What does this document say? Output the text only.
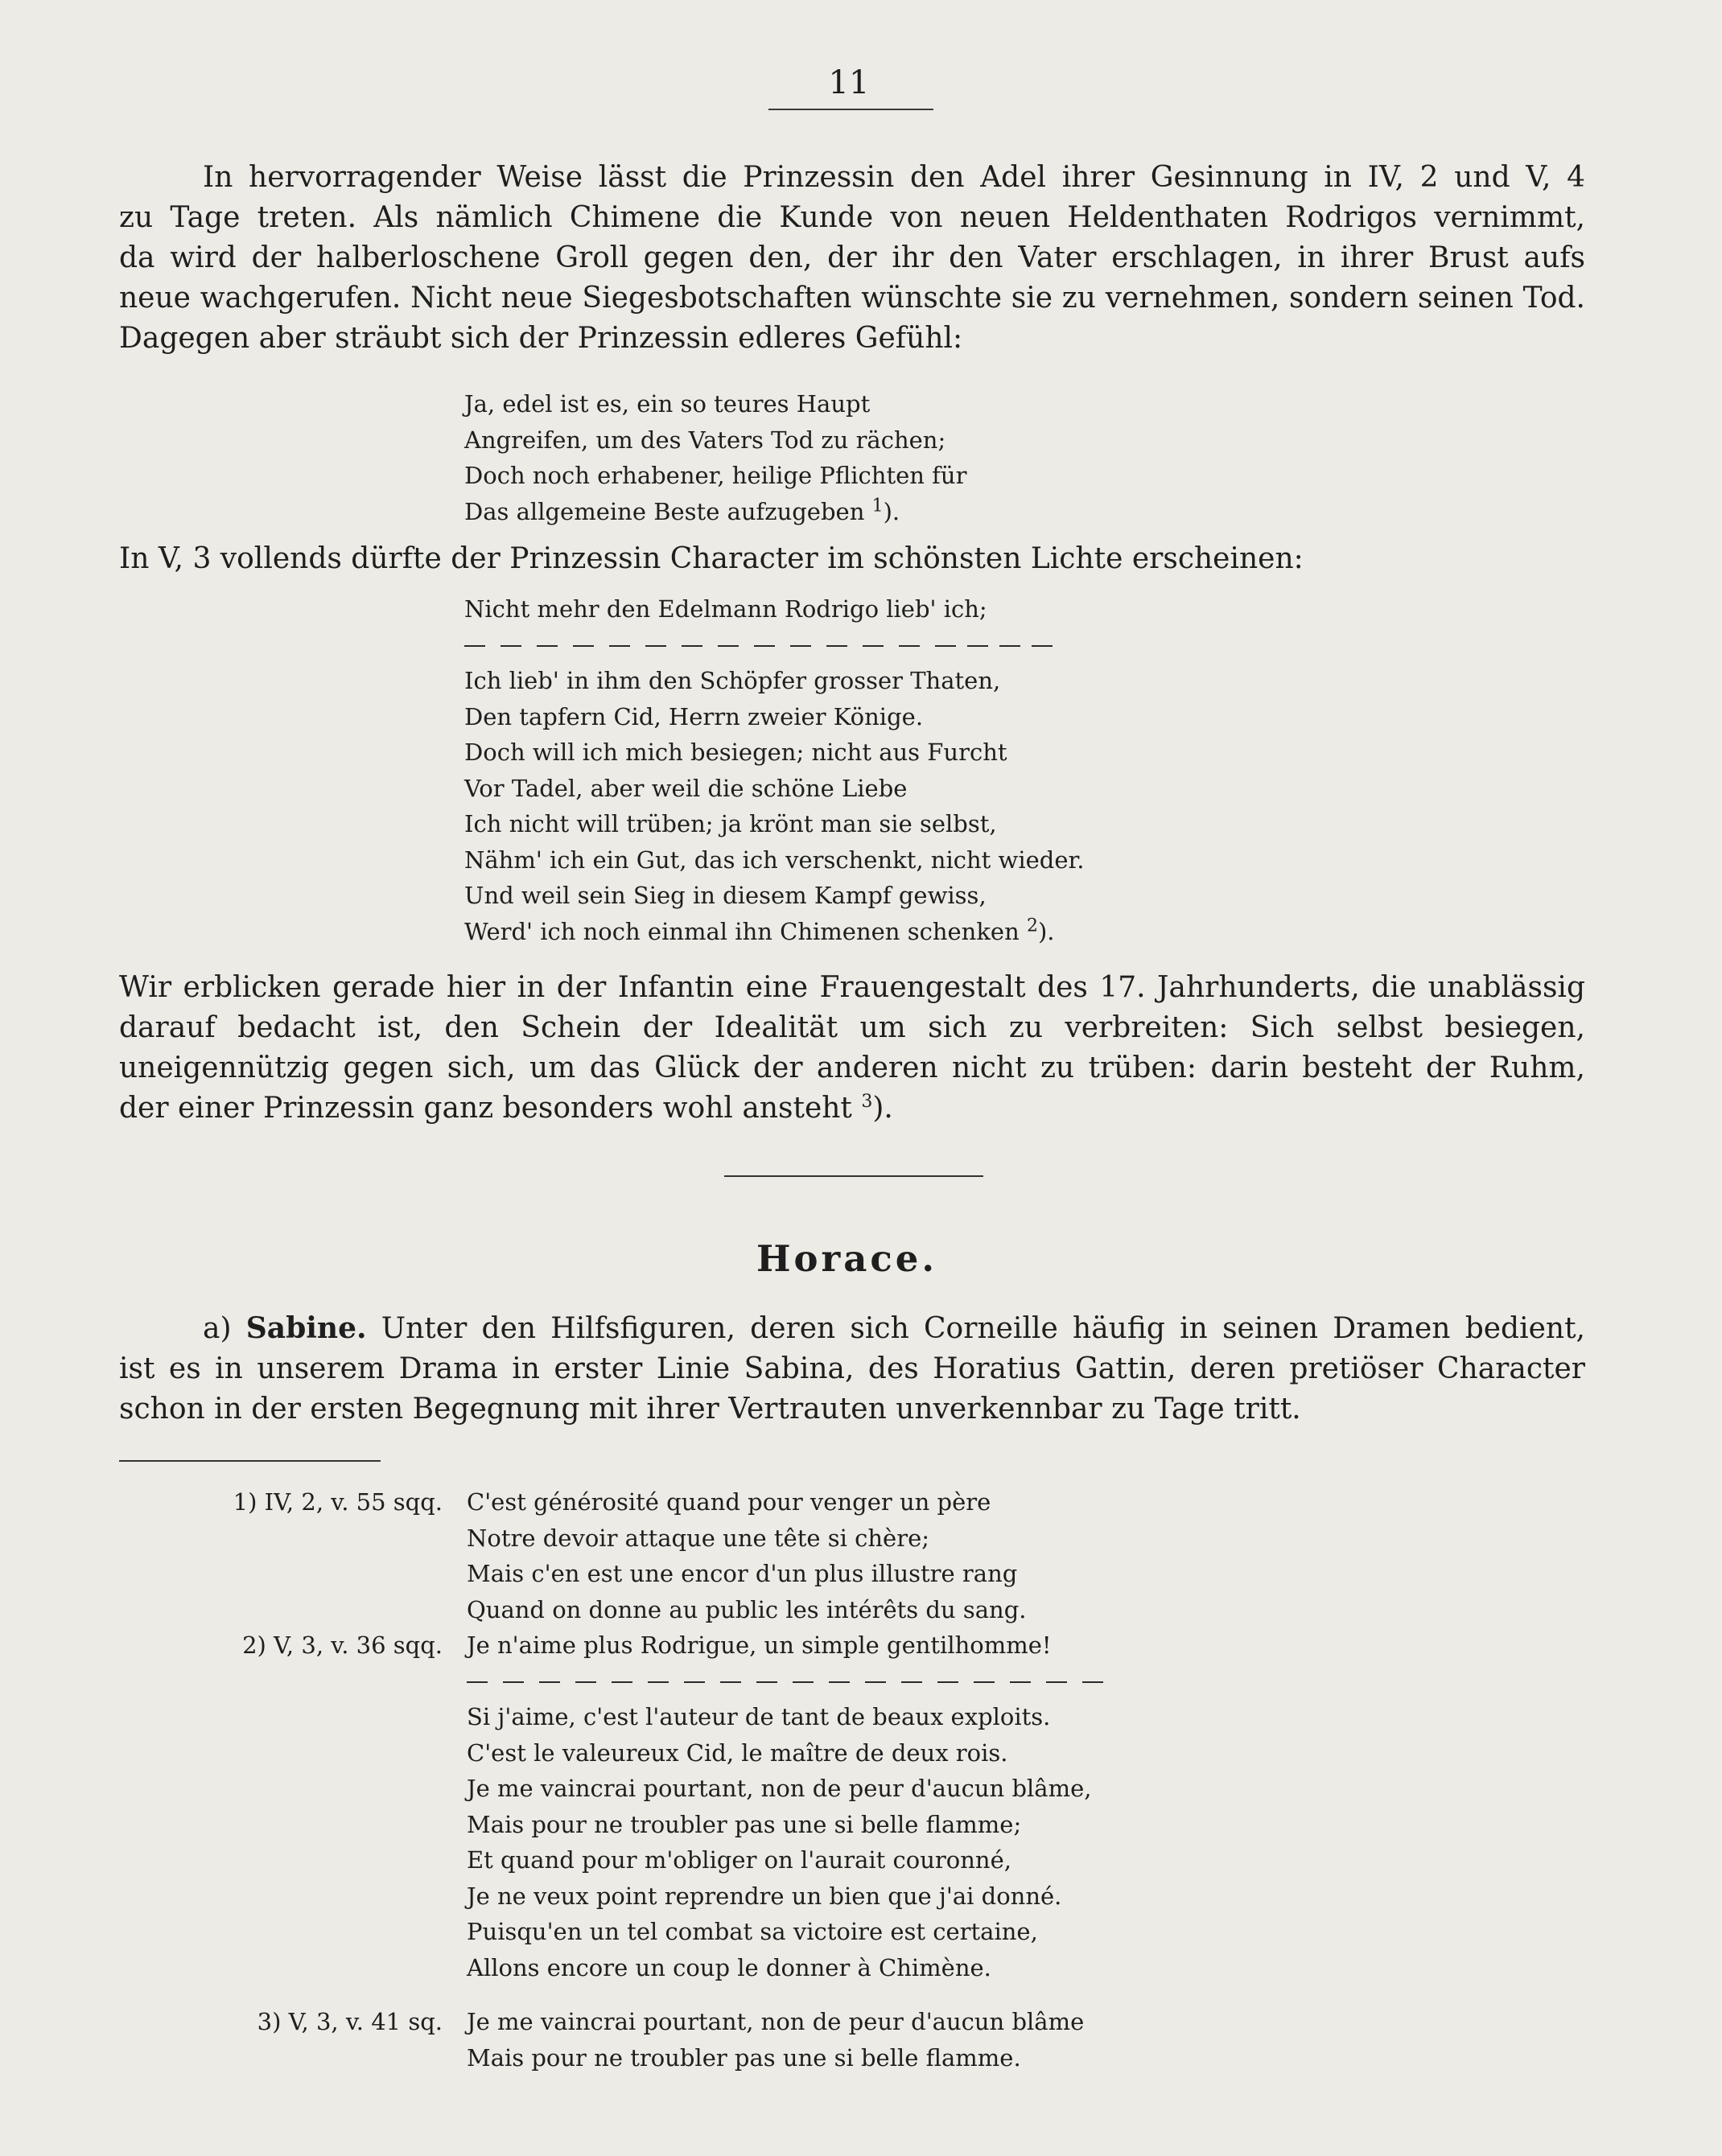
11
In hervorragender Weise lässt die Prinzessin den Adel ihrer Gesinnung in IV, 2 und V, 4
zu Tage treten. Als nämlich Chimene die Kunde von neuen Heldenthaten Rodrigos vernimmt,
da wird der halberloschene Groll gegen den, der ihr den Vater erschlagen, in ihrer Brust aufs
neue wachgerufen. Nicht neue Siegesbotschaften wünschte sie zu vernehmen, sondern seinen Tod.
Dagegen aber sträubt sich der Prinzessin edleres Gefühl:
Ja, edel ist es, ein so teures Haupt
Angreifen, um des Vaters Tod zu rächen;
Doch noch erhabener, heilige Pflichten für
Das allgemeine Beste aufzugeben $^1$).
In V, 3 vollends dürfte der Prinzessin Character im schönsten Lichte erscheinen:
Nicht mehr den Edelmann Rodrigo lieb' ich;
Ich lieb' in ihm den Schöpfer grosser Thaten,
Den tapfern Cid, Herrn zweier Könige.
Doch will ich mich besiegen; nicht aus Furcht
Vor Tadel, aber weil die schöne Liebe
Ich nicht will trüben; ja krönt man sie selbst,
Nähm' ich ein Gut, das ich verschenkt, nicht wieder.
Und weil sein Sieg in diesem Kampf gewiss,
Werd' ich noch einmal ihn Chimenen schenken $^2$).
Wir erblicken gerade hier in der Infantin eine Frauengestalt des 17. Jahrhunderts, die unablässig
darauf bedacht ist, den Schein der Idealität um sich zu verbreiten: Sich selbst besiegen,
uneigennützig gegen sich, um das Glück der anderen nicht zu trüben: darin besteht der Ruhm,
der einer Prinzessin ganz besonders wohl ansteht $^3$).
Horace.
a) Sabine. Unter den Hilfsfiguren, deren sich Corneille häufig in seinen Dramen bedient,
ist es in unserem Drama in erster Linie Sabina, des Horatius Gattin, deren pretiöser Character
schon in der ersten Begegnung mit ihrer Vertrauten unverkennbar zu Tage tritt.
1) IV, 2, v. 55 sqq. C'est générosité quand pour venger un père
Notre devoir attaque une tête si chère;
Mais c'en est une encor d'un plus illustre rang
Quand on donne au public les intérêts du sang.
2) V, 3, v. 36 sqq. Je n'aime plus Rodrigue, un simple gentilhomme!
Si j'aime, c'est l'auteur de tant de beaux exploits.
C'est le valeureux Cid, le maître de deux rois.
Je me vaincrai pourtant, non de peur d'aucun blâme,
Mais pour ne troubler pas une si belle flamme;
Et quand pour m'obliger on l'aurait couronné,
Je ne veux point reprendre un bien que j'ai donné.
Puisqu'en un tel combat sa victoire est certaine,
Allons encore un coup le donner à Chimène.
3) V, 3, v. 41 sq. Je me vaincrai pourtant, non de peur d'aucun blâme
Mais pour ne troubler pas une si belle flamme.
